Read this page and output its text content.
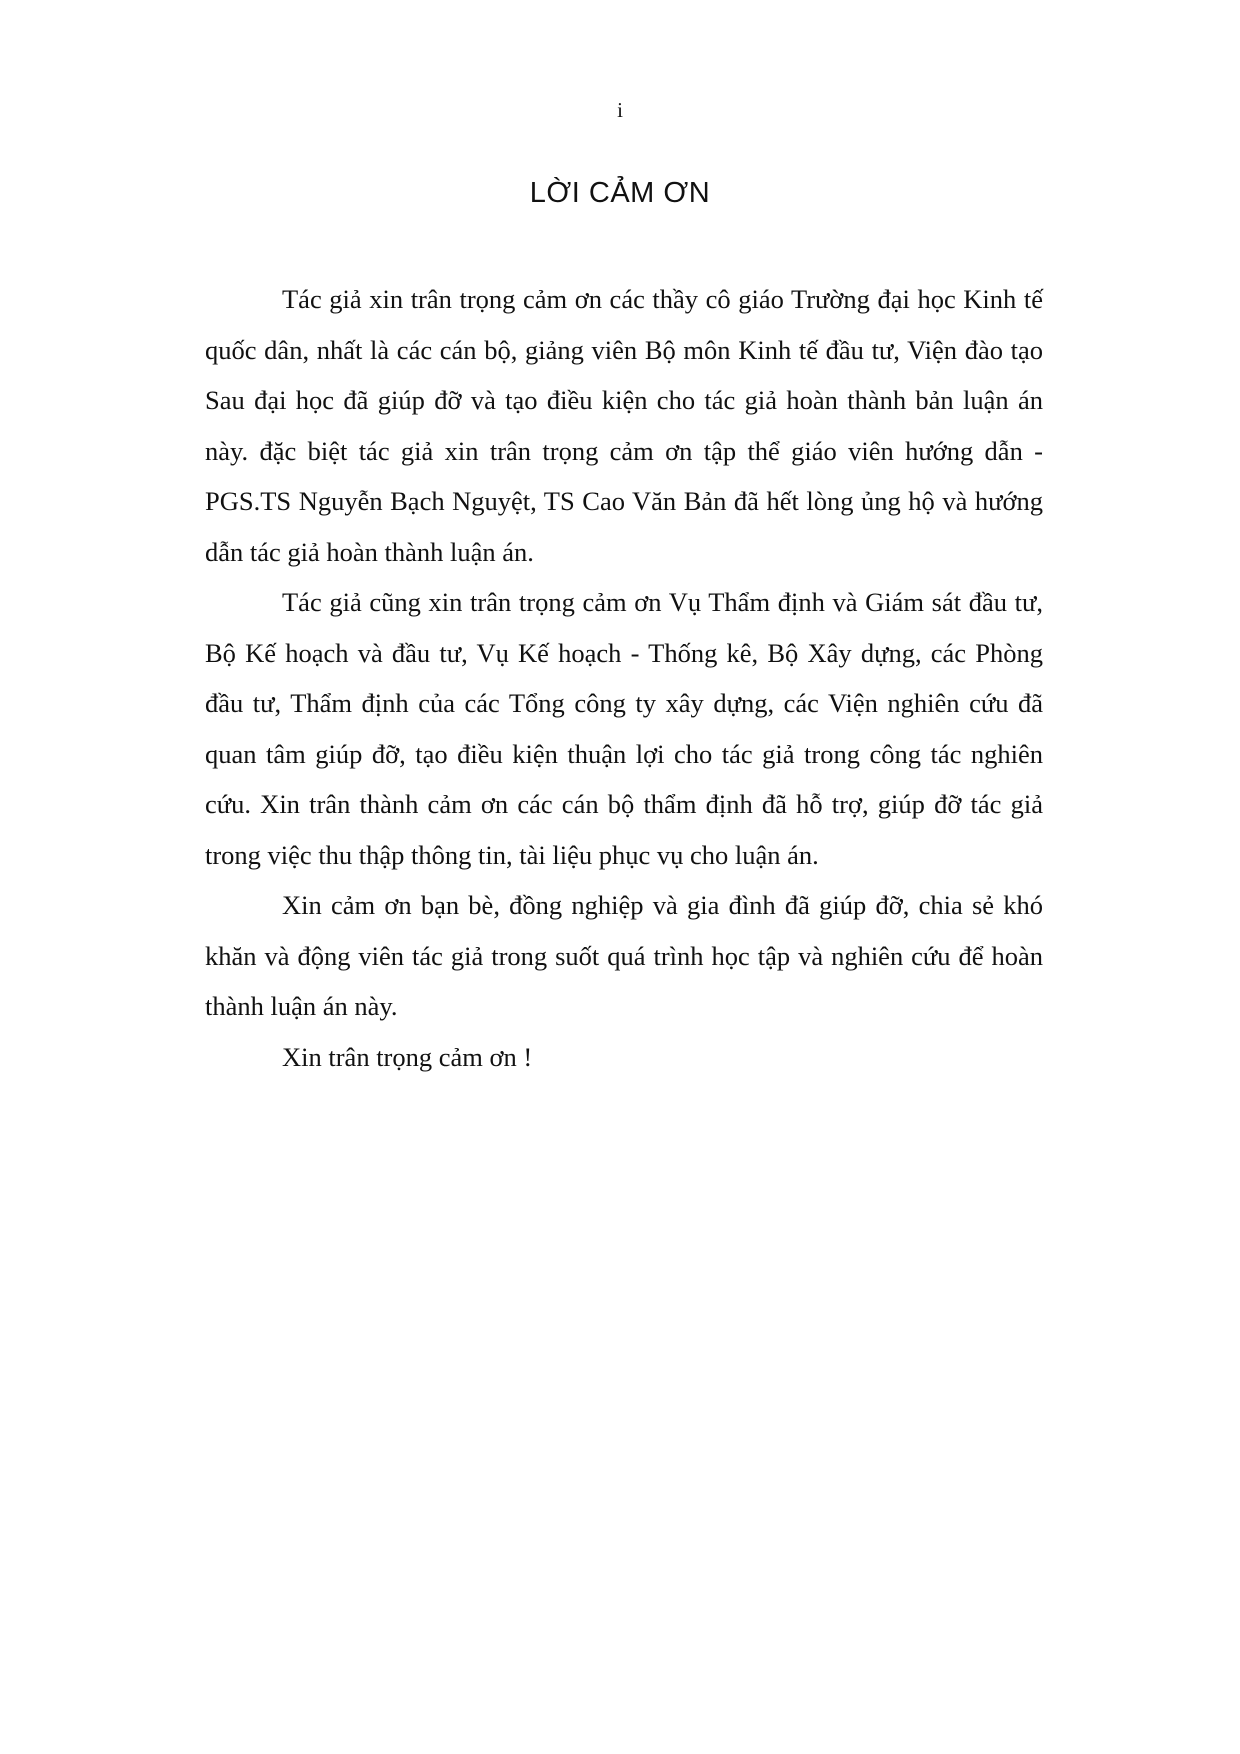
i
LỜI CẢM ƠN

Tác giả xin trân trọng cảm ơn các thầy cô giáo Trường đại học Kinh tế quốc dân, nhất là các cán bộ, giảng viên Bộ môn Kinh tế đầu tư, Viện đào tạo Sau đại học đã giúp đỡ và tạo điều kiện cho tác giả hoàn thành bản luận án này. đặc biệt tác giả xin trân trọng cảm ơn tập thể giáo viên hướng dẫn - PGS.TS Nguyễn Bạch Nguyệt, TS Cao Văn Bản đã hết lòng ủng hộ và hướng dẫn tác giả hoàn thành luận án.

Tác giả cũng xin trân trọng cảm ơn Vụ Thẩm định và Giám sát đầu tư, Bộ Kế hoạch và đầu tư, Vụ Kế hoạch - Thống kê, Bộ Xây dựng, các Phòng đầu tư, Thẩm định của các Tổng công ty xây dựng, các Viện nghiên cứu đã quan tâm giúp đỡ, tạo điều kiện thuận lợi cho tác giả trong công tác nghiên cứu. Xin trân thành cảm ơn các cán bộ thẩm định đã hỗ trợ, giúp đỡ tác giả trong việc thu thập thông tin, tài liệu phục vụ cho luận án.

Xin cảm ơn bạn bè, đồng nghiệp và gia đình đã giúp đỡ, chia sẻ khó khăn và động viên tác giả trong suốt quá trình học tập và nghiên cứu để hoàn thành luận án này.

Xin trân trọng cảm ơn !
